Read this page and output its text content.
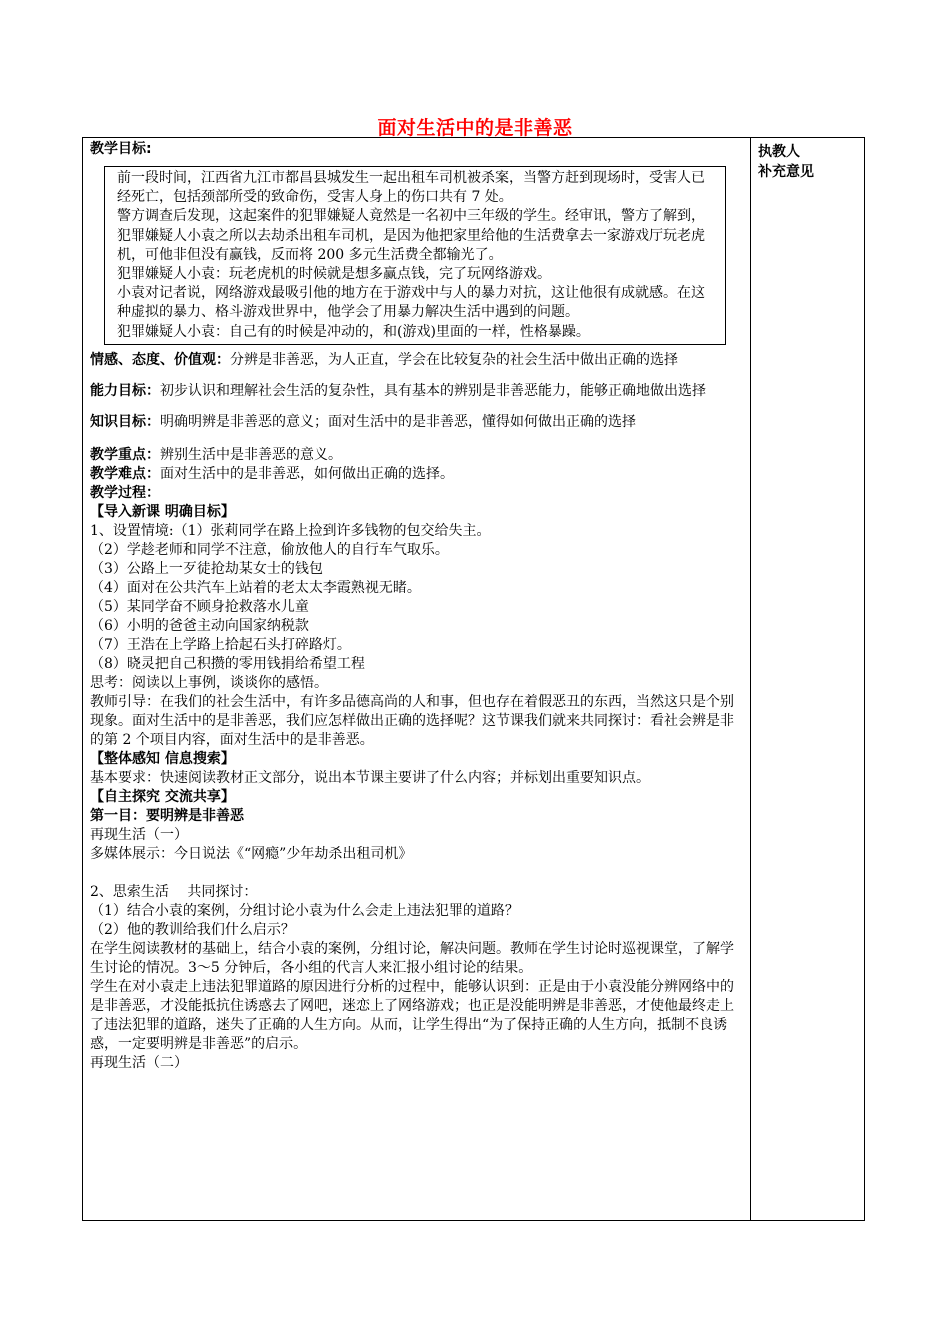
面对生活中的是非善恶
执教人
补充意见
教学目标:

前一段时间，江西省九江市都昌县城发生一起出租车司机被杀案，当警方赶到现场时，受害人已经死亡，包括颈部所受的致命伤，受害人身上的伤口共有 7 处。

警方调查后发现，这起案件的犯罪嫌疑人竟然是一名初中三年级的学生。经审讯，警方了解到，犯罪嫌疑人小袁之所以去劫杀出租车司机，是因为他把家里给他的生活费拿去一家游戏厅玩老虎机，可他非但没有赢钱，反而将 200 多元生活费全都输光了。

犯罪嫌疑人小袁：玩老虎机的时候就是想多赢点钱，完了玩网络游戏。

小袁对记者说，网络游戏最吸引他的地方在于游戏中与人的暴力对抗，这让他很有成就感。在这种虚拟的暴力、格斗游戏世界中，他学会了用暴力解决生活中遇到的问题。

犯罪嫌疑人小袁：自己有的时候是冲动的，和(游戏)里面的一样，性格暴躁。

情感、态度、价值观：分辨是非善恶，为人正直，学会在比较复杂的社会生活中做出正确的选择

能力目标：初步认识和理解社会生活的复杂性，具有基本的辨别是非善恶能力，能够正确地做出选择

知识目标：明确明辨是非善恶的意义；面对生活中的是非善恶，懂得如何做出正确的选择

教学重点：辨别生活中是非善恶的意义。

教学难点：面对生活中的是非善恶，如何做出正确的选择。

教学过程：

【导入新课 明确目标】

1、设置情境:（1）张莉同学在路上捡到许多钱物的包交给失主。

（2）学趁老师和同学不注意，偷放他人的自行车气取乐。

（3）公路上一歹徒抢劫某女士的钱包

（4）面对在公共汽车上站着的老太太李霞熟视无睹。

（5）某同学奋不顾身抢救落水儿童

（6）小明的爸爸主动向国家纳税款

（7）王浩在上学路上拾起石头打碎路灯。

（8）晓灵把自己积攒的零用钱捐给希望工程

思考：阅读以上事例，谈谈你的感悟。

教师引导：在我们的社会生活中，有许多品德高尚的人和事，但也存在着假恶丑的东西，当然这只是个别现象。面对生活中的是非善恶，我们应怎样做出正确的选择呢？这节课我们就来共同探讨：看社会辨是非的第 2 个项目内容，面对生活中的是非善恶。

【整体感知 信息搜索】

基本要求：快速阅读教材正文部分，说出本节课主要讲了什么内容；并标划出重要知识点。

【自主探究 交流共享】

第一目：要明辨是非善恶

再现生活（一）

多媒体展示：今日说法《“网瘾”少年劫杀出租司机》

2、思索生活　 共同探讨：

（1）结合小袁的案例，分组讨论小袁为什么会走上违法犯罪的道路？

（2）他的教训给我们什么启示？

在学生阅读教材的基础上，结合小袁的案例，分组讨论，解决问题。教师在学生讨论时巡视课堂，了解学生讨论的情况。3～5 分钟后，各小组的代言人来汇报小组讨论的结果。

学生在对小袁走上违法犯罪道路的原因进行分析的过程中，能够认识到：正是由于小袁没能分辨网络中的是非善恶，才没能抵抗住诱惑去了网吧，迷恋上了网络游戏；也正是没能明辨是非善恶，才使他最终走上了违法犯罪的道路，迷失了正确的人生方向。从而，让学生得出“为了保持正确的人生方向，抵制不良诱惑，一定要明辨是非善恶”的启示。

再现生活（二）
